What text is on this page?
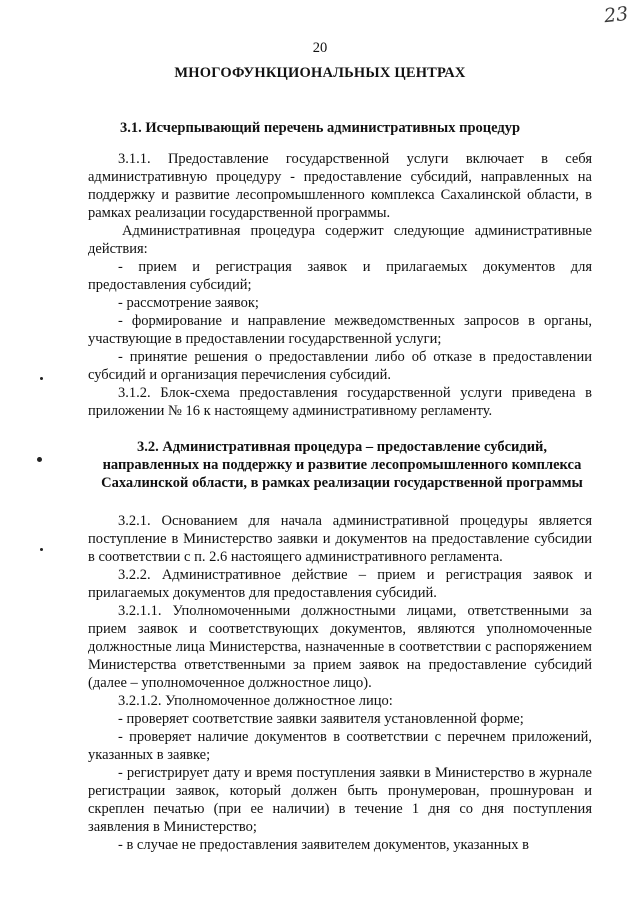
23
20
МНОГОФУНКЦИОНАЛЬНЫХ ЦЕНТРАХ
3.1. Исчерпывающий перечень административных процедур

3.1.1. Предоставление государственной услуги включает в себя административную процедуру - предоставление субсидий, направленных на поддержку и развитие лесопромышленного комплекса Сахалинской области, в рамках реализации государственной программы.

Административная процедура содержит следующие административные действия:

- прием и регистрация заявок и прилагаемых документов для предоставления субсидий;

- рассмотрение заявок;

- формирование и направление межведомственных запросов в органы, участвующие в предоставлении государственной услуги;

- принятие решения о предоставлении либо об отказе в предоставлении субсидий и организация перечисления субсидий.

3.1.2. Блок-схема предоставления государственной услуги приведена в приложении № 16 к настоящему административному регламенту.

3.2. Административная процедура – предоставление субсидий,
направленных на поддержку и развитие лесопромышленного комплекса
Сахалинской области, в рамках реализации государственной программы

3.2.1. Основанием для начала административной процедуры является поступление в Министерство заявки и документов на предоставление субсидии в соответствии с п. 2.6 настоящего административного регламента.

3.2.2. Административное действие – прием и регистрация заявок и прилагаемых документов для предоставления субсидий.

3.2.1.1. Уполномоченными должностными лицами, ответственными за прием заявок и соответствующих документов, являются уполномоченные должностные лица Министерства, назначенные в соответствии с распоряжением Министерства ответственными за прием заявок на предоставление субсидий (далее – уполномоченное должностное лицо).

3.2.1.2. Уполномоченное должностное лицо:

- проверяет соответствие заявки заявителя установленной форме;

- проверяет наличие документов в соответствии с перечнем приложений, указанных в заявке;

- регистрирует дату и время поступления заявки в Министерство в журнале регистрации заявок, который должен быть пронумерован, прошнурован и скреплен печатью (при ее наличии) в течение 1 дня со дня поступления заявления в Министерство;

- в случае не предоставления заявителем документов, указанных в
